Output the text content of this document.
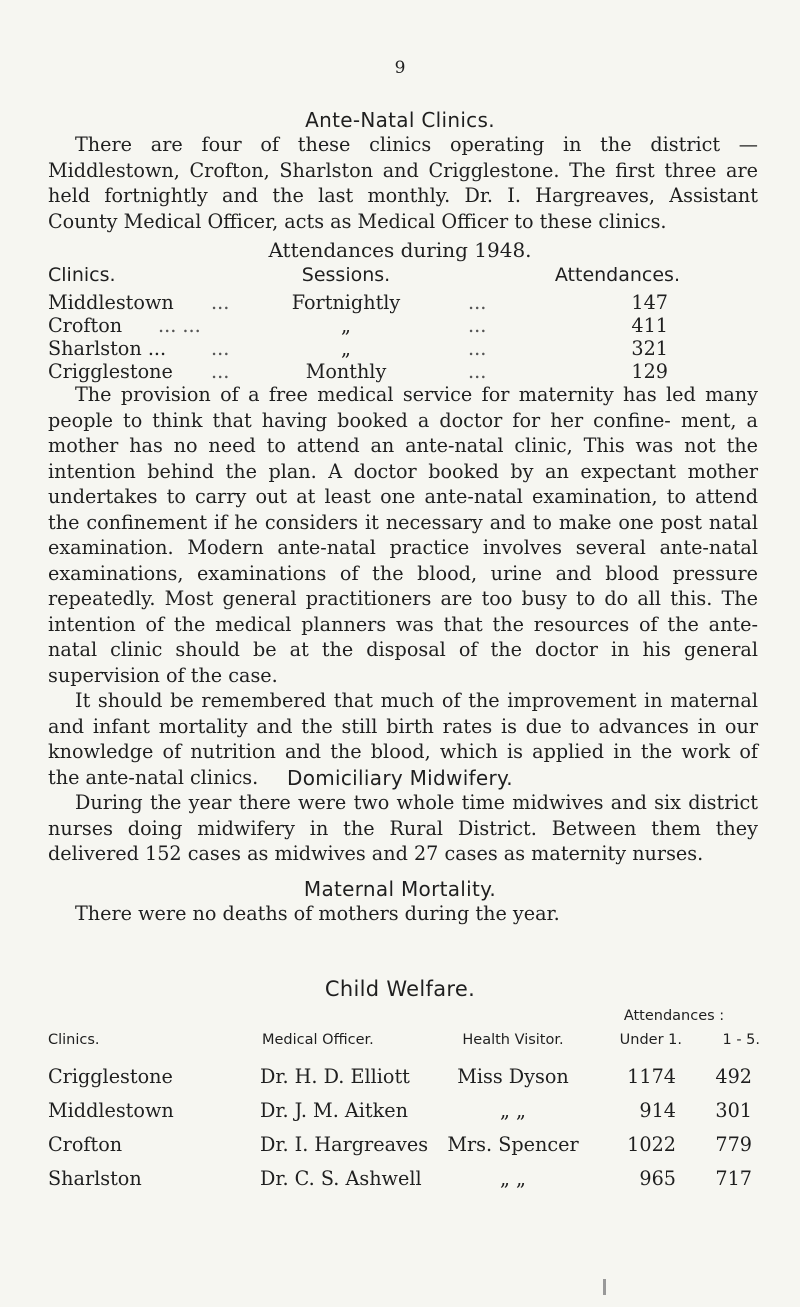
9
Ante-Natal Clinics.

There are four of these clinics operating in the district — Middlestown, Crofton, Sharlston and Crigglestone. The first three are held fortnightly and the last monthly. Dr. I. Hargreaves, Assistant County Medical Officer, acts as Medical Officer to these clinics.

Attendances during 1948.
Clinics.	Sessions.	Attendances.
Middlestown ...	Fortnightly	...	147
Crofton ... ...	„	...	411
Sharlston ... ...	„	...	321
Crigglestone ...	Monthly	...	129

The provision of a free medical service for maternity has led many people to think that having booked a doctor for her confine- ment, a mother has no need to attend an ante-natal clinic, This was not the intention behind the plan. A doctor booked by an expectant mother undertakes to carry out at least one ante-natal examination, to attend the confinement if he considers it necessary and to make one post natal examination. Modern ante-natal practice involves several ante-natal examinations, examinations of the blood, urine and blood pressure repeatedly. Most general practitioners are too busy to do all this. The intention of the medical planners was that the resources of the ante-natal clinic should be at the disposal of the doctor in his general supervision of the case.

It should be remembered that much of the improvement in maternal and infant mortality and the still birth rates is due to advances in our knowledge of nutrition and the blood, which is applied in the work of the ante-natal clinics.	Domiciliary Midwifery.

During the year there were two whole time midwives and six district nurses doing midwifery in the Rural District. Between them they delivered 152 cases as midwives and 27 cases as maternity nurses.

Maternal Mortality.
There were no deaths of mothers during the year.
Child Welfare.
Attendances :
Clinics.	Medical Officer.	Health Visitor.	Under 1.	1 - 5.
Crigglestone	Dr. H. D. Elliott	Miss Dyson	1174	492
Middlestown	Dr. J. M. Aitken	„ „	914	301
Crofton	Dr. I. Hargreaves	Mrs. Spencer	1022	779
Sharlston	Dr. C. S. Ashwell	„ „	965	717
